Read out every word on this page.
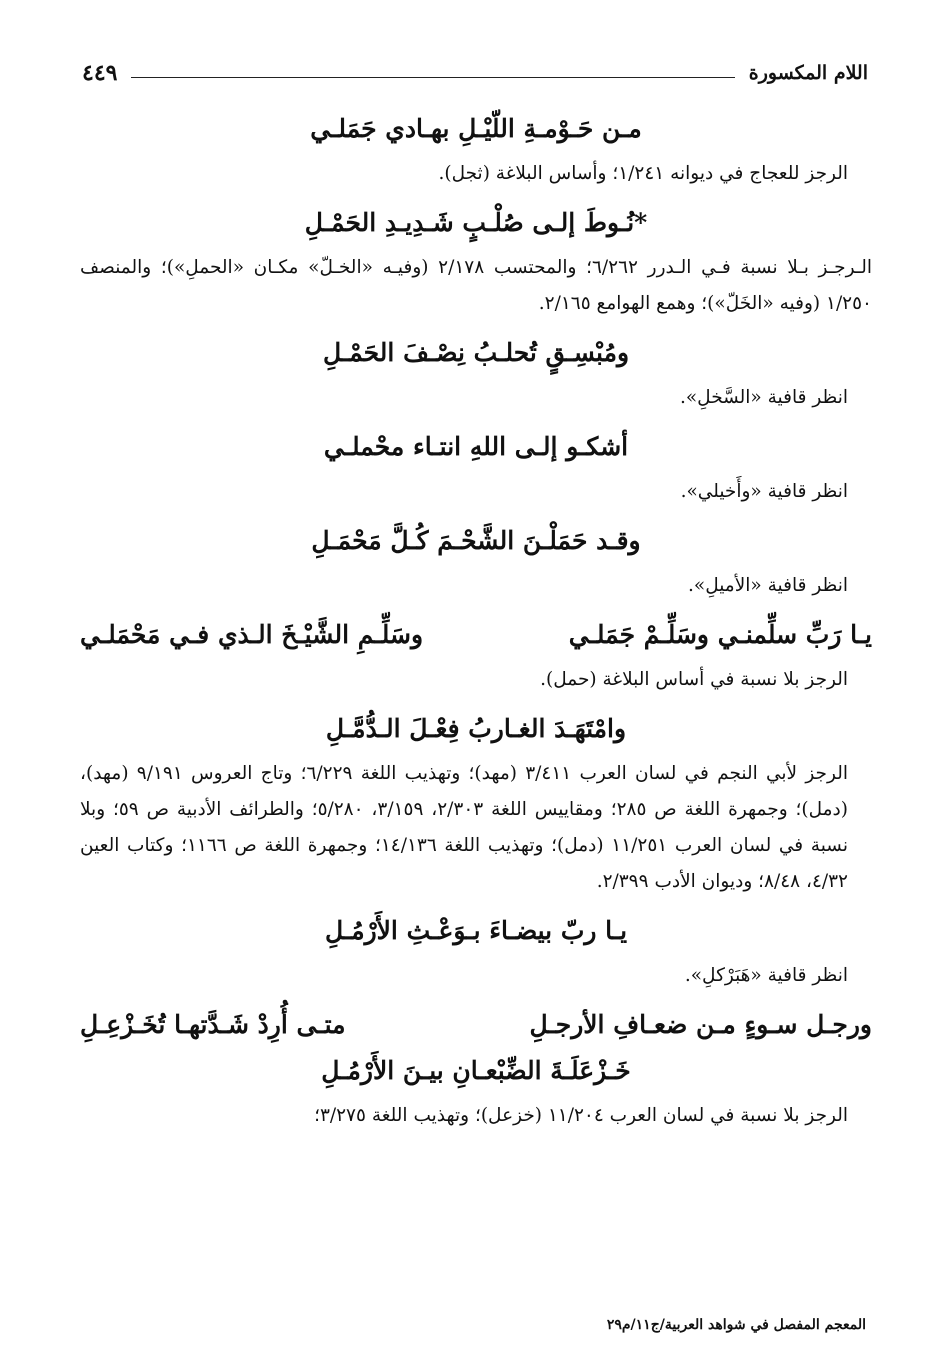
اللام المكسورة
٤٤٩
مـن حَـوْمـةِ اللّيْـلِ بهـادي جَمَلـي
الرجز للعجاج في ديوانه ١/٢٤١؛ وأساس البلاغة (ثجل).
*نُـوطَ إلـى صُلْـبٍ شَـدِيـدِ الحَمْـلِ
الـرجـز بـلا نسبة فـي الـدرر ٦/٢٦٢؛ والمحتسب ٢/١٧٨ (وفيـه «الخـلّ» مكـان «الحملِ»)؛ والمنصف ١/٢٥٠ (وفيه «الخَلّ»)؛ وهمع الهوامع ٢/١٦٥.
ومُبْسِـقٍ تُحلـبُ نِصْـفَ الحَمْـلِ
انظر قافية «السَّخلِ».
أشكـو إلـى اللهِ انتـاء محْملـي
انظر قافية «وأَخيلي».
وقـد حَمَلْـنَ الشَّحْـمَ كُـلَّ مَحْمَـلِ
انظر قافية «الأميلِ».
يـا رَبِّ سلِّمنـي وسَلِّـمْ جَمَلـي
وسَلِّـمِ الشَّيْـخَ الـذي فـي مَحْمَلـي
الرجز بلا نسبة في أساس البلاغة (حمل).
وامْتَهَـدَ الغـاربُ فِعْـلَ الـدُّمَّـلِ
الرجز لأبي النجم في لسان العرب ٣/٤١١ (مهد)؛ وتهذيب اللغة ٦/٢٢٩؛ وتاج العروس ٩/١٩١ (مهد)، (دمل)؛ وجمهرة اللغة ص ٢٨٥؛ ومقاييس اللغة ٢/٣٠٣، ٣/١٥٩، ٥/٢٨٠؛ والطرائف الأدبية ص ٥٩؛ وبلا نسبة في لسان العرب ١١/٢٥١ (دمل)؛ وتهذيب اللغة ١٤/١٣٦؛ وجمهرة اللغة ص ١١٦٦؛ وكتاب العين ٤/٣٢، ٨/٤٨؛ وديوان الأدب ٢/٣٩٩.
يـا ربّ بيضـاءَ بـوَعْـثِ الأَرْمُـلِ
انظر قافية «هَبَرْكلِ».
ورجـل سـوءٍ مـن ضعـافِ الأرجـلِ
متـى أُرِدْ شَـدَّتهـا تُخَـزْعِـلِ
خَـزْعَلَـةَ الضِّبْعـانِ بيـنَ الأَرْمُـلِ
الرجز بلا نسبة في لسان العرب ١١/٢٠٤ (خزعل)؛ وتهذيب اللغة ٣/٢٧٥؛
المعجم المفصل في شواهد العربية/ج١١/م٢٩
